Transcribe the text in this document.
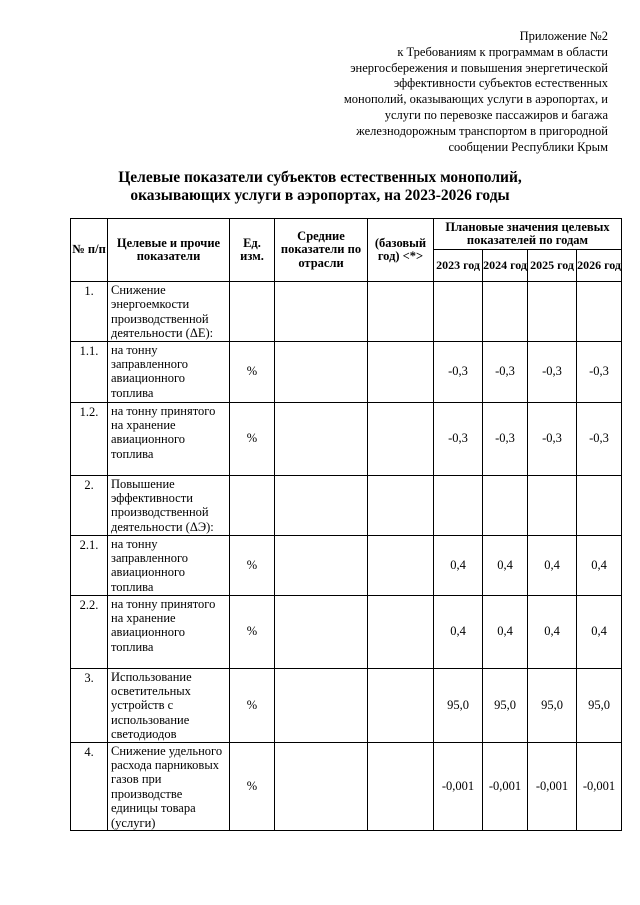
Приложение №2
к Требованиям к программам в области
энергосбережения и повышения энергетической
эффективности субъектов естественных
монополий, оказывающих услуги в аэропортах, и
услуги по перевозке пассажиров и багажа
железнодорожным транспортом в пригородной
сообщении Республики Крым
Целевые показатели субъектов естественных монополий,
оказывающих услуги в аэропортах, на 2023-2026 годы
№ п/п	Целевые и прочие показатели	Ед. изм.	Средние показатели по отрасли	(базовый год) <*>	Плановые значения целевых показателей по годам			
					2023 год	2024 год	2025 год	2026 год
1.	Снижение энергоемкости производственной деятельности (ΔЕ):							
1.1.	на тонну заправленного авиационного топлива	%			-0,3	-0,3	-0,3	-0,3
1.2.	на тонну принятого на хранение авиационного топлива	%			-0,3	-0,3	-0,3	-0,3
2.	Повышение эффективности производственной деятельности (ΔЭ):							
2.1.	на тонну заправленного авиационного топлива	%			0,4	0,4	0,4	0,4
2.2.	на тонну принятого на хранение авиационного топлива	%			0,4	0,4	0,4	0,4
3.	Использование осветительных устройств с использование светодиодов	%			95,0	95,0	95,0	95,0
4.	Снижение удельного расхода парниковых газов при производстве единицы товара (услуги)	%			-0,001	-0,001	-0,001	-0,001
